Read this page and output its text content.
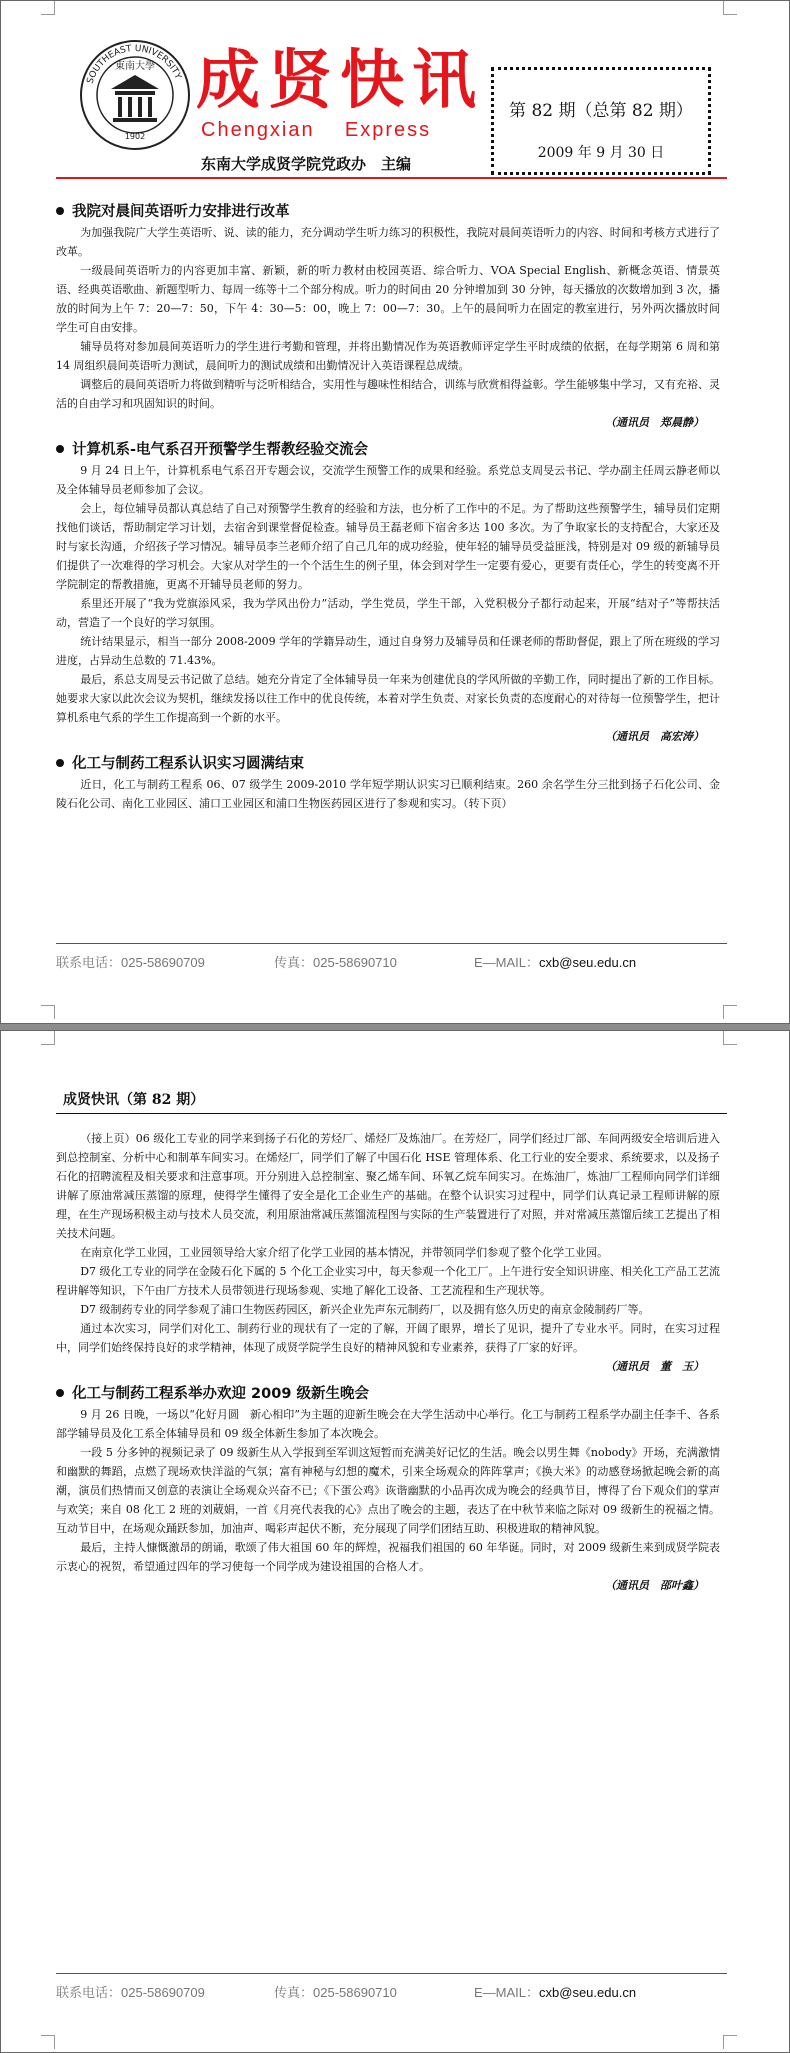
SOUTHEAST UNIVERSITY
東南大學
1902
成贤快讯
Chengxian    Express
东南大学成贤学院党政办　主编
第 82 期（总第 82 期）
2009 年 9 月 30 日
我院对晨间英语听力安排进行改革

为加强我院广大学生英语听、说、读的能力，充分调动学生听力练习的积极性，我院对晨间英语听力的内容、时间和考核方式进行了改革。

一级晨间英语听力的内容更加丰富、新颖，新的听力教材由校园英语、综合听力、VOA Special English、新概念英语、情景英语、经典英语歌曲、新题型听力、每周一练等十二个部分构成。听力的时间由 20 分钟增加到 30 分钟，每天播放的次数增加到 3 次，播放的时间为上午 7：20—7：50，下午 4：30—5：00，晚上 7：00—7：30。上午的晨间听力在固定的教室进行，另外两次播放时间学生可自由安排。

辅导员将对参加晨间英语听力的学生进行考勤和管理，并将出勤情况作为英语教师评定学生平时成绩的依据，在每学期第 6 周和第 14 周组织晨间英语听力测试，晨间听力的测试成绩和出勤情况计入英语课程总成绩。

调整后的晨间英语听力将做到精听与泛听相结合，实用性与趣味性相结合，训练与欣赏相得益彰。学生能够集中学习，又有充裕、灵活的自由学习和巩固知识的时间。

（通讯员　郑晨静）
计算机系-电气系召开预警学生帮教经验交流会

9 月 24 日上午，计算机系电气系召开专题会议，交流学生预警工作的成果和经验。系党总支周旻云书记、学办副主任周云静老师以及全体辅导员老师参加了会议。

会上，每位辅导员都认真总结了自己对预警学生教育的经验和方法，也分析了工作中的不足。为了帮助这些预警学生，辅导员们定期找他们谈话，帮助制定学习计划，去宿舍到课堂督促检查。辅导员王磊老师下宿舍多达 100 多次。为了争取家长的支持配合，大家还及时与家长沟通，介绍孩子学习情况。辅导员李兰老师介绍了自己几年的成功经验，使年轻的辅导员受益匪浅，特别是对 09 级的新辅导员们提供了一次难得的学习机会。大家从对学生的一个个活生生的例子里，体会到对学生一定要有爱心，更要有责任心，学生的转变离不开学院制定的帮教措施，更离不开辅导员老师的努力。

系里还开展了“我为党旗添风采，我为学风出份力”活动，学生党员，学生干部，入党积极分子都行动起来，开展“结对子”等帮扶活动，营造了一个良好的学习氛围。

统计结果显示，相当一部分 2008-2009 学年的学籍异动生，通过自身努力及辅导员和任课老师的帮助督促，跟上了所在班级的学习进度，占异动生总数的 71.43%。

最后，系总支周旻云书记做了总结。她充分肯定了全体辅导员一年来为创建优良的学风所做的辛勤工作，同时提出了新的工作目标。她要求大家以此次会议为契机，继续发扬以往工作中的优良传统，本着对学生负责、对家长负责的态度耐心的对待每一位预警学生，把计算机系电气系的学生工作提高到一个新的水平。

（通讯员　高宏涛）
化工与制药工程系认识实习圆满结束

近日，化工与制药工程系 06、07 级学生 2009-2010 学年短学期认识实习已顺利结束。260 余名学生分三批到扬子石化公司、金陵石化公司、南化工业园区、浦口工业园区和浦口生物医药园区进行了参观和实习。（转下页）

联系电话：025-58690709	传真：025-58690710	E—MAIL：cxb@seu.edu.cn
成贤快讯（第 82 期）

（接上页）06 级化工专业的同学来到扬子石化的芳烃厂、烯烃厂及炼油厂。在芳烃厂，同学们经过厂部、车间两级安全培训后进入到总控制室、分析中心和制革车间实习。在烯烃厂，同学们了解了中国石化 HSE 管理体系、化工行业的安全要求、系统要求，以及扬子石化的招聘流程及相关要求和注意事项。开分别进入总控制室、聚乙烯车间、环氧乙烷车间实习。在炼油厂，炼油厂工程师向同学们详细讲解了原油常减压蒸馏的原理，使得学生懂得了安全是化工企业生产的基础。在整个认识实习过程中，同学们认真记录工程师讲解的原理，在生产现场积极主动与技术人员交流，利用原油常减压蒸馏流程图与实际的生产装置进行了对照，并对常减压蒸馏后续工艺提出了相关技术问题。

在南京化学工业园，工业园领导给大家介绍了化学工业园的基本情况，并带领同学们参观了整个化学工业园。

D7 级化工专业的同学在金陵石化下属的 5 个化工企业实习中，每天参观一个化工厂。上午进行安全知识讲座、相关化工产品工艺流程讲解等知识，下午由厂方技术人员带领进行现场参观、实地了解化工设备、工艺流程和生产现状等。

D7 级制药专业的同学参观了浦口生物医药园区，新兴企业先声东元制药厂，以及拥有悠久历史的南京金陵制药厂等。

通过本次实习，同学们对化工、制药行业的现状有了一定的了解，开阔了眼界，增长了见识，提升了专业水平。同时，在实习过程中，同学们始终保持良好的求学精神，体现了成贤学院学生良好的精神风貌和专业素养，获得了厂家的好评。

（通讯员　董　玉）
化工与制药工程系举办欢迎 2009 级新生晚会

9 月 26 日晚，一场以“化好月圆　新心相印”为主题的迎新生晚会在大学生活动中心举行。化工与制药工程系学办副主任李千、各系部学辅导员及化工系全体辅导员和 09 级全体新生参加了本次晚会。

一段 5 分多钟的视频记录了 09 级新生从入学报到至军训这短暂而充满美好记忆的生活。晚会以男生舞《nobody》开场，充满激情和幽默的舞蹈，点燃了现场欢快洋溢的气氛；富有神秘与幻想的魔术，引来全场观众的阵阵掌声；《换大米》的动感登场掀起晚会新的高潮，演员们热情而又创意的表演让全场观众兴奋不已；《下蛋公鸡》诙谐幽默的小品再次成为晚会的经典节目，博得了台下观众们的掌声与欢笑；来自 08 化工 2 班的刘葳娟，一首《月亮代表我的心》点出了晚会的主题，表达了在中秋节来临之际对 09 级新生的祝福之情。互动节目中，在场观众踊跃参加，加油声、喝彩声起伏不断，充分展现了同学们团结互助、积极进取的精神风貌。

最后，主持人慷慨激昂的朗诵，歌颂了伟大祖国 60 年的辉煌，祝福我们祖国的 60 年华诞。同时，对 2009 级新生来到成贤学院表示衷心的祝贺，希望通过四年的学习使每一个同学成为建设祖国的合格人才。

（通讯员　邵叶鑫）
联系电话：025-58690709	传真：025-58690710	E—MAIL：cxb@seu.edu.cn
